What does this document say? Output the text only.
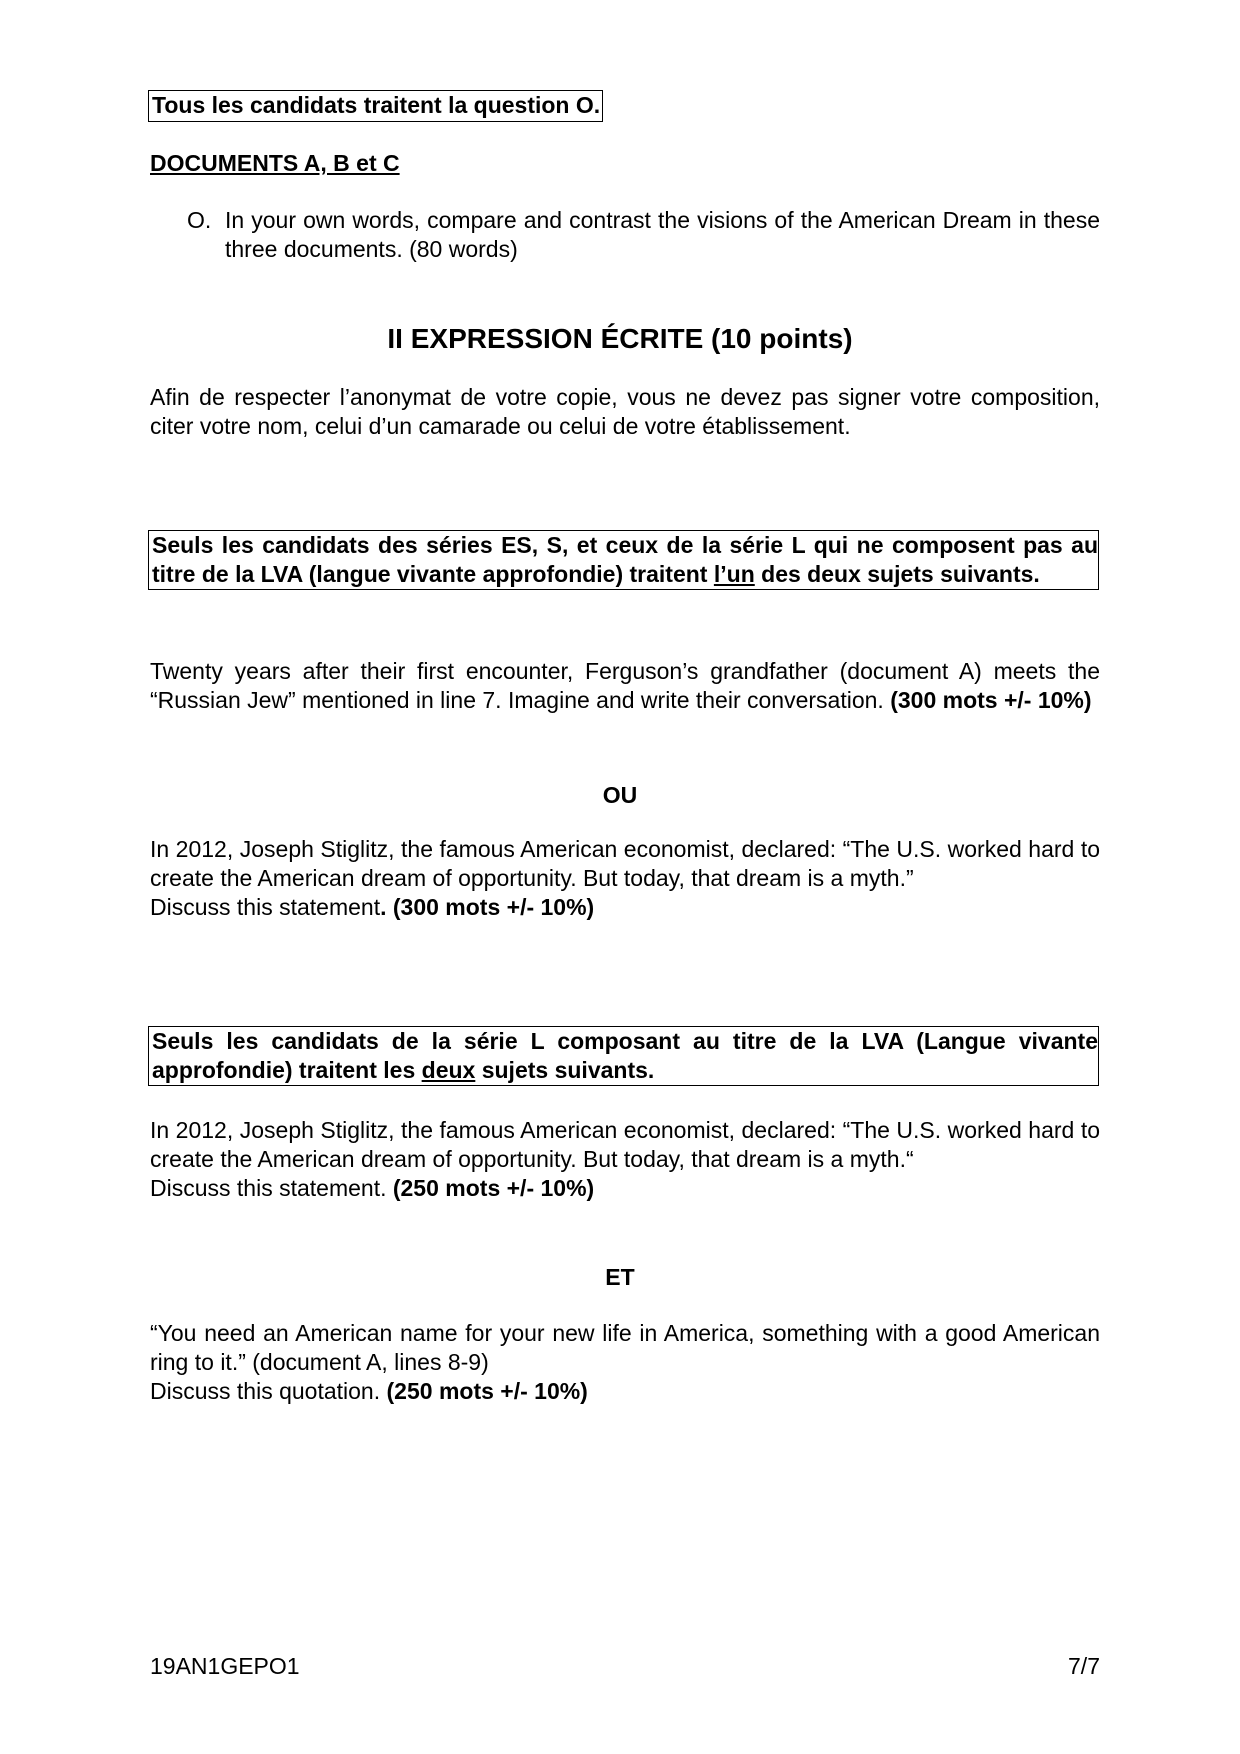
Tous les candidats traitent la question O.
DOCUMENTS A, B et C
O. In your own words, compare and contrast the visions of the American Dream in these three documents. (80 words)
II EXPRESSION ÉCRITE (10 points)
Afin de respecter l’anonymat de votre copie, vous ne devez pas signer votre composition, citer votre nom, celui d’un camarade ou celui de votre établissement.
Seuls les candidats des séries ES, S, et ceux de la série L qui ne composent pas au titre de la LVA (langue vivante approfondie) traitent l’un des deux sujets suivants.
Twenty years after their first encounter, Ferguson’s grandfather (document A) meets the “Russian Jew” mentioned in line 7. Imagine and write their conversation. (300 mots +/- 10%)
OU
In 2012, Joseph Stiglitz, the famous American economist, declared: “The U.S. worked hard to create the American dream of opportunity. But today, that dream is a myth.”
Discuss this statement. (300 mots +/- 10%)
Seuls les candidats de la série L composant au titre de la LVA (Langue vivante approfondie) traitent les deux sujets suivants.
In 2012, Joseph Stiglitz, the famous American economist, declared: “The U.S. worked hard to create the American dream of opportunity. But today, that dream is a myth.“
Discuss this statement. (250 mots +/- 10%)
ET
“You need an American name for your new life in America, something with a good American ring to it.” (document A, lines 8-9)
Discuss this quotation. (250 mots +/- 10%)
19AN1GEPO1	7/7
